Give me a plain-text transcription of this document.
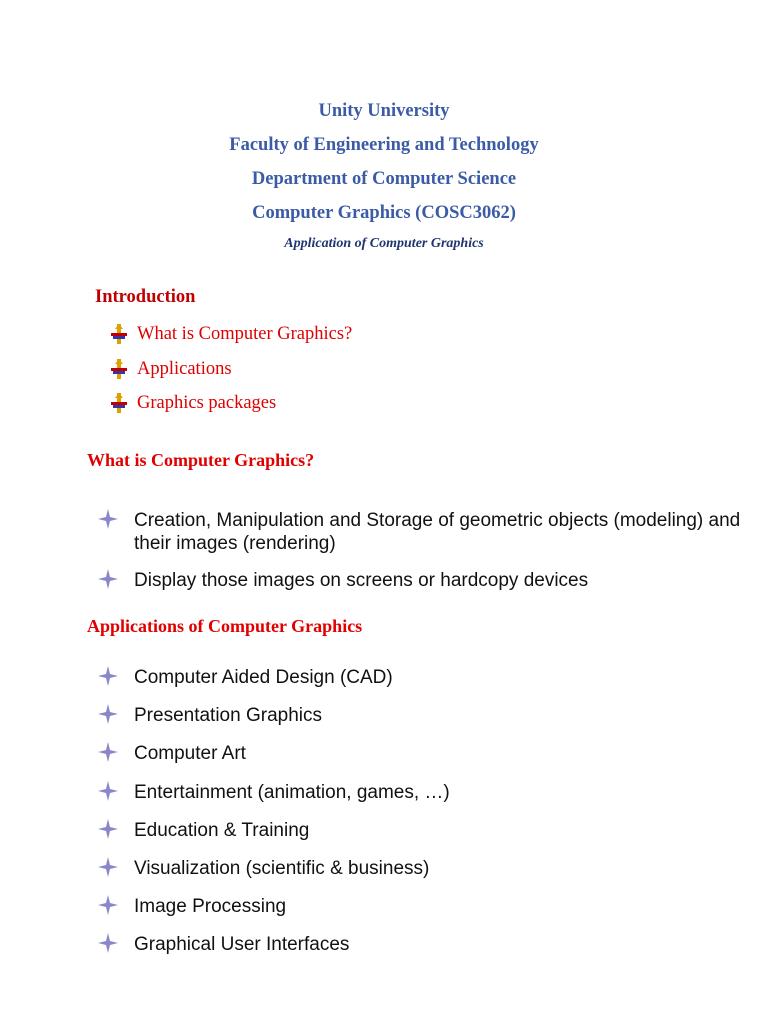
Unity University
Faculty of Engineering and Technology
Department of Computer Science
Computer Graphics (COSC3062)
Application of Computer Graphics
Introduction
What is Computer Graphics?
Applications
Graphics packages
What is Computer Graphics?
Creation, Manipulation and Storage of geometric objects (modeling) and their images (rendering)
Display those images on screens or hardcopy devices
Applications of Computer Graphics
Computer Aided Design (CAD)
Presentation Graphics
Computer Art
Entertainment (animation, games, …)
Education & Training
Visualization (scientific & business)
Image Processing
Graphical User Interfaces
